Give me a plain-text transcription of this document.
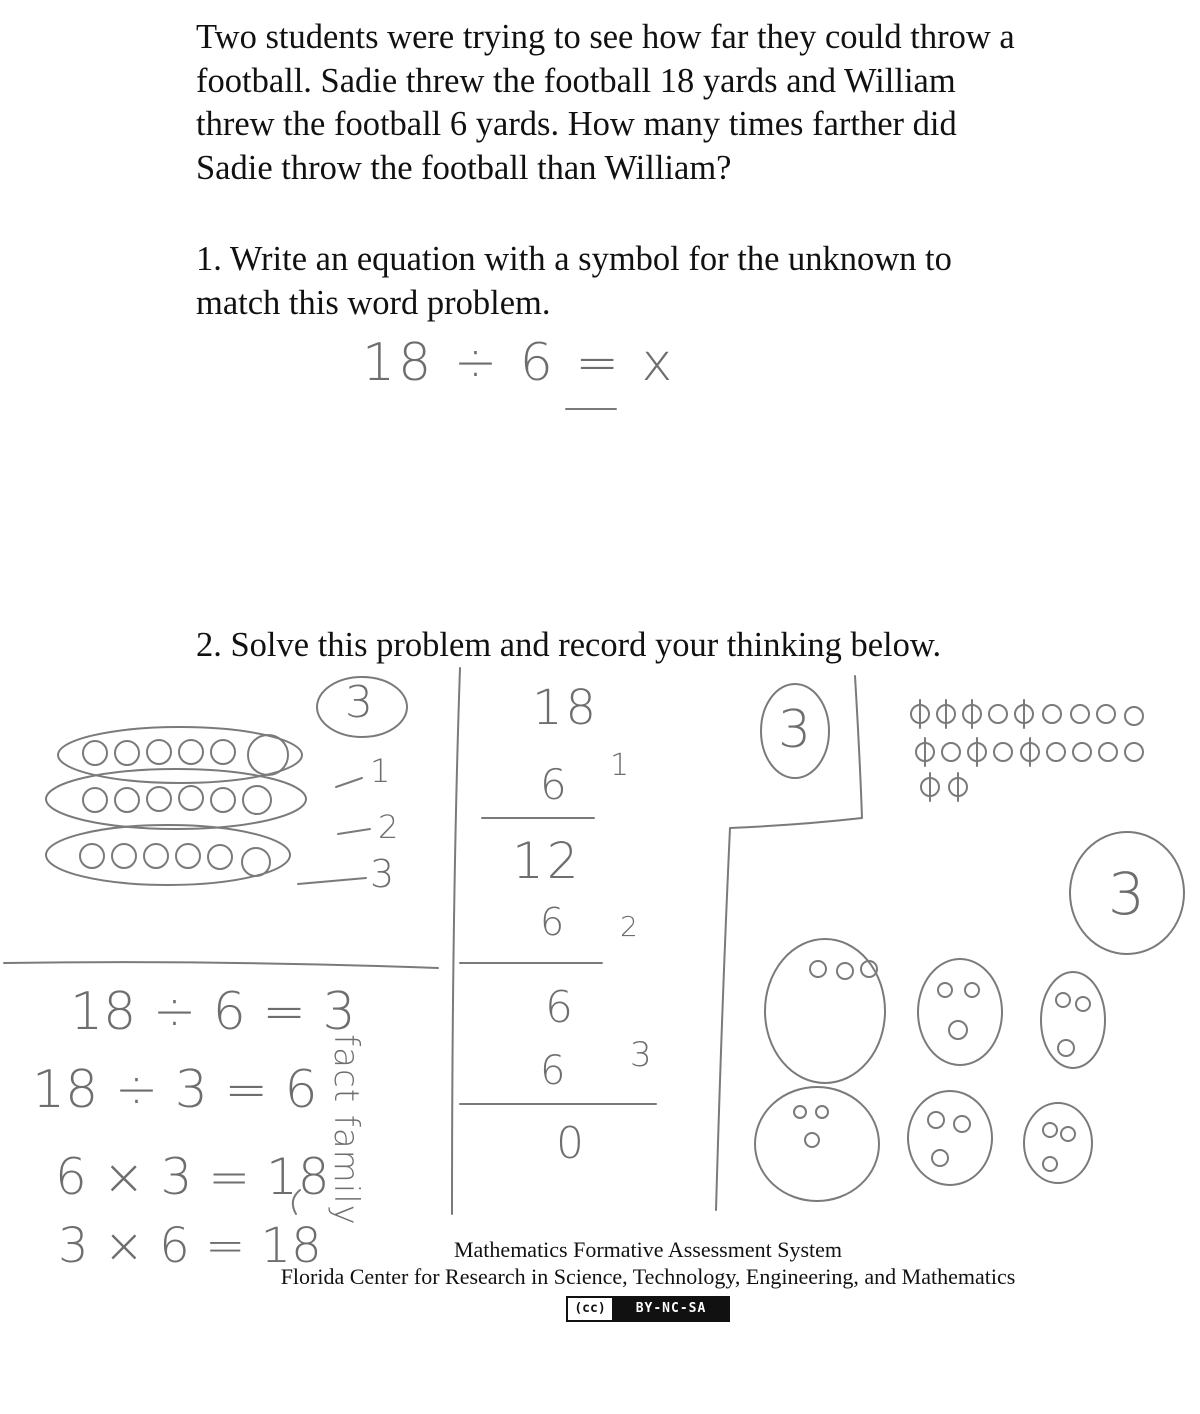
Two students were trying to see how far they could throw a
football. Sadie threw the football 18 yards and William
threw the football 6 yards. How many times farther did
Sadie throw the football than William?
1. Write an equation with a symbol for the unknown to
match this word problem.
18 ÷ 6 = x
2. Solve this problem and record your thinking below.
3	3
3
1
2
3
18
6 1
12
6 2
6
6 3
0
18 ÷ 6 = 3
18 ÷ 3 = 6
6 × 3 = 18
3 × 6 = 18
fact family
Mathematics Formative Assessment System
Florida Center for Research in Science, Technology, Engineering, and Mathematics
(cc)	BY-NC-SA
